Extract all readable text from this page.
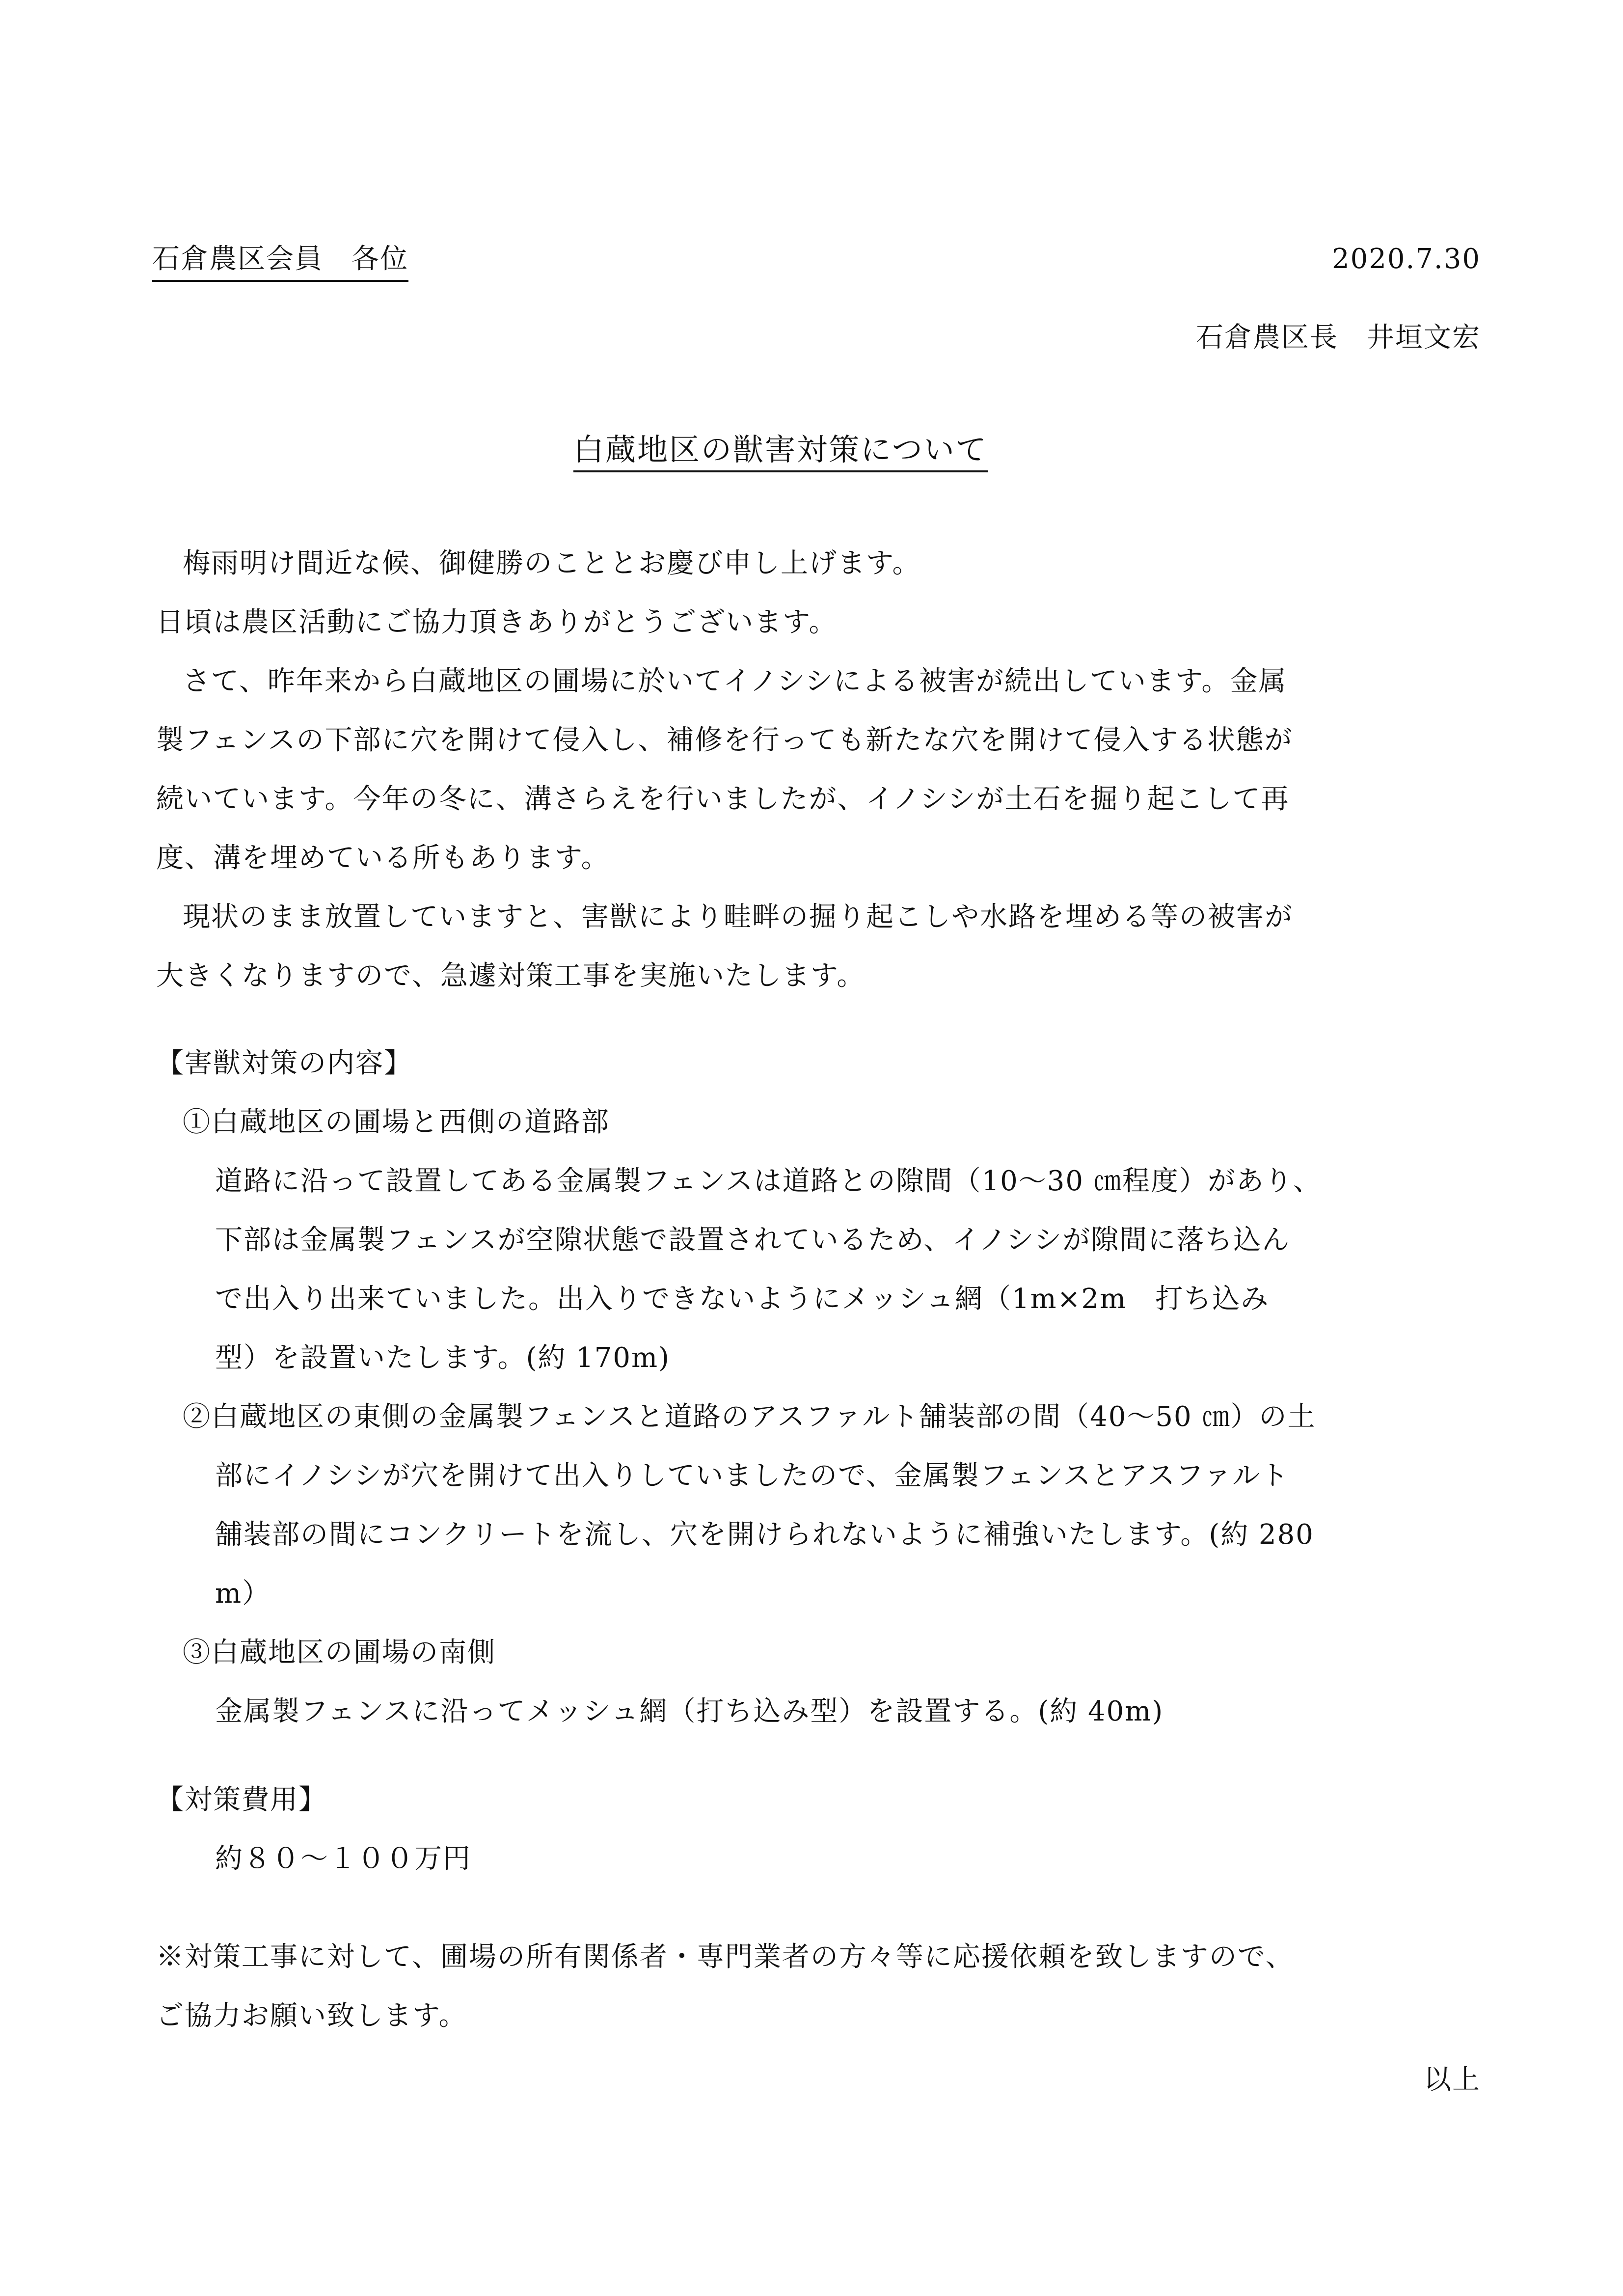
石倉農区会員　各位	2020.7.30
石倉農区長　井垣文宏
白蔵地区の獣害対策について
梅雨明け間近な候、御健勝のこととお慶び申し上げます。
日頃は農区活動にご協力頂きありがとうございます。
さて、昨年来から白蔵地区の圃場に於いてイノシシによる被害が続出しています。金属
製フェンスの下部に穴を開けて侵入し、補修を行っても新たな穴を開けて侵入する状態が
続いています。今年の冬に、溝さらえを行いましたが、イノシシが土石を掘り起こして再
度、溝を埋めている所もあります。
現状のまま放置していますと、害獣により畦畔の掘り起こしや水路を埋める等の被害が
大きくなりますので、急遽対策工事を実施いたします。
【害獣対策の内容】
①白蔵地区の圃場と西側の道路部
道路に沿って設置してある金属製フェンスは道路との隙間（10～30 ㎝程度）があり、
下部は金属製フェンスが空隙状態で設置されているため、イノシシが隙間に落ち込ん
で出入り出来ていました。出入りできないようにメッシュ網（1m×2m　打ち込み
型）を設置いたします。(約 170m)
②白蔵地区の東側の金属製フェンスと道路のアスファルト舗装部の間（40～50 ㎝）の土
部にイノシシが穴を開けて出入りしていましたので、金属製フェンスとアスファルト
舗装部の間にコンクリートを流し、穴を開けられないように補強いたします。(約 280
m）
③白蔵地区の圃場の南側
金属製フェンスに沿ってメッシュ網（打ち込み型）を設置する。(約 40m)
【対策費用】
約８０～１００万円
※対策工事に対して、圃場の所有関係者・専門業者の方々等に応援依頼を致しますので、
ご協力お願い致します。
以上
